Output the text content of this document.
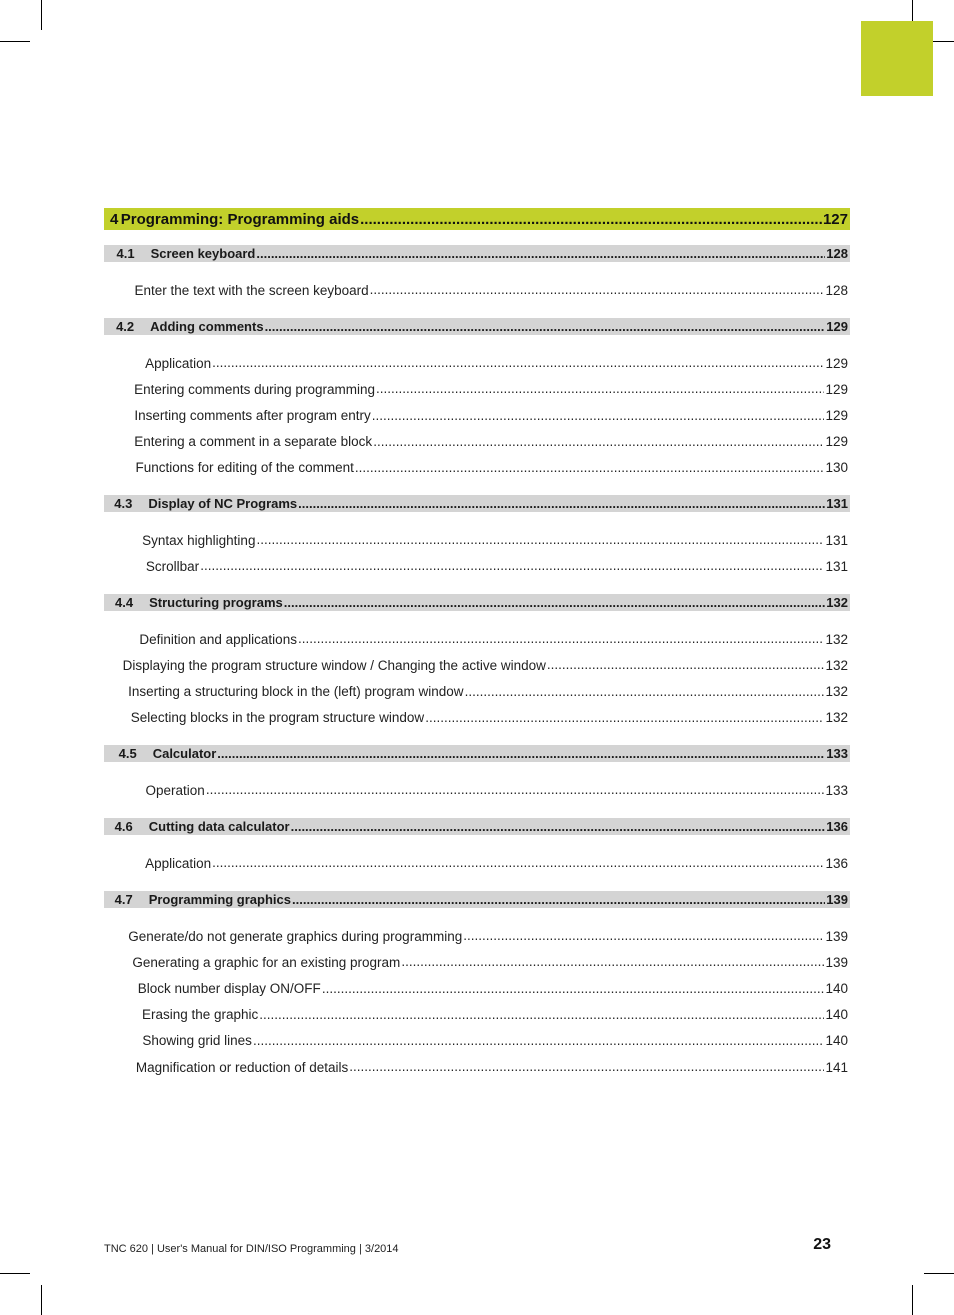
4 Programming: Programming aids .....	127
4.1	Screen keyboard .....	128
Enter the text with the screen keyboard .....	128
4.2	Adding comments .....	129
Application .....	129
Entering comments during programming .....	129
Inserting comments after program entry .....	129
Entering a comment in a separate block .....	129
Functions for editing of the comment .....	130
4.3	Display of NC Programs .....	131
Syntax highlighting .....	131
Scrollbar .....	131
4.4	Structuring programs .....	132
Definition and applications .....	132
Displaying the program structure window / Changing the active window .....	132
Inserting a structuring block in the (left) program window .....	132
Selecting blocks in the program structure window .....	132
4.5	Calculator .....	133
Operation .....	133
4.6	Cutting data calculator .....	136
Application .....	136
4.7	Programming graphics .....	139
Generate/do not generate graphics during programming .....	139
Generating a graphic for an existing program .....	139
Block number display ON/OFF .....	140
Erasing the graphic .....	140
Showing grid lines .....	140
Magnification or reduction of details .....	141
TNC 620 | User's Manual for DIN/ISO Programming | 3/2014	23
